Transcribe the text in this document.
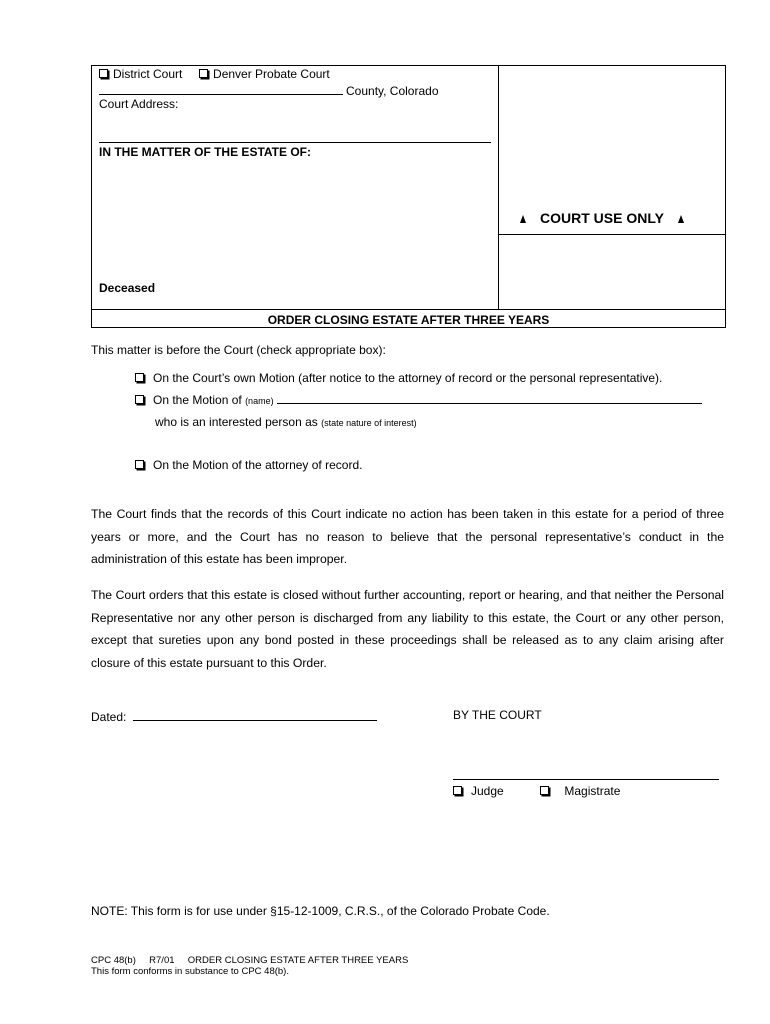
District Court	Denver Probate Court
County, Colorado
Court Address:
IN THE MATTER OF THE ESTATE OF:
Deceased
COURT USE ONLY
ORDER CLOSING ESTATE AFTER THREE YEARS
This matter is before the Court (check appropriate box):
On the Court’s own Motion (after notice to the attorney of record or the personal representative).
On the Motion of (name)
who is an interested person as (state nature of interest)
On the Motion of the attorney of record.
The Court finds that the records of this Court indicate no action has been taken in this estate for a period of three years or more, and the Court has no reason to believe that the personal representative’s conduct in the administration of this estate has been improper.
The Court orders that this estate is closed without further accounting, report or hearing, and that neither the Personal Representative nor any other person is discharged from any liability to this estate, the Court or any other person, except that sureties upon any bond posted in these proceedings shall be released as to any claim arising after closure of this estate pursuant to this Order.
Dated:	BY THE COURT
Judge	Magistrate
NOTE: This form is for use under §15-12-1009, C.R.S., of the Colorado Probate Code.
CPC 48(b) R7/01 ORDER CLOSING ESTATE AFTER THREE YEARS
This form conforms in substance to CPC 48(b).
